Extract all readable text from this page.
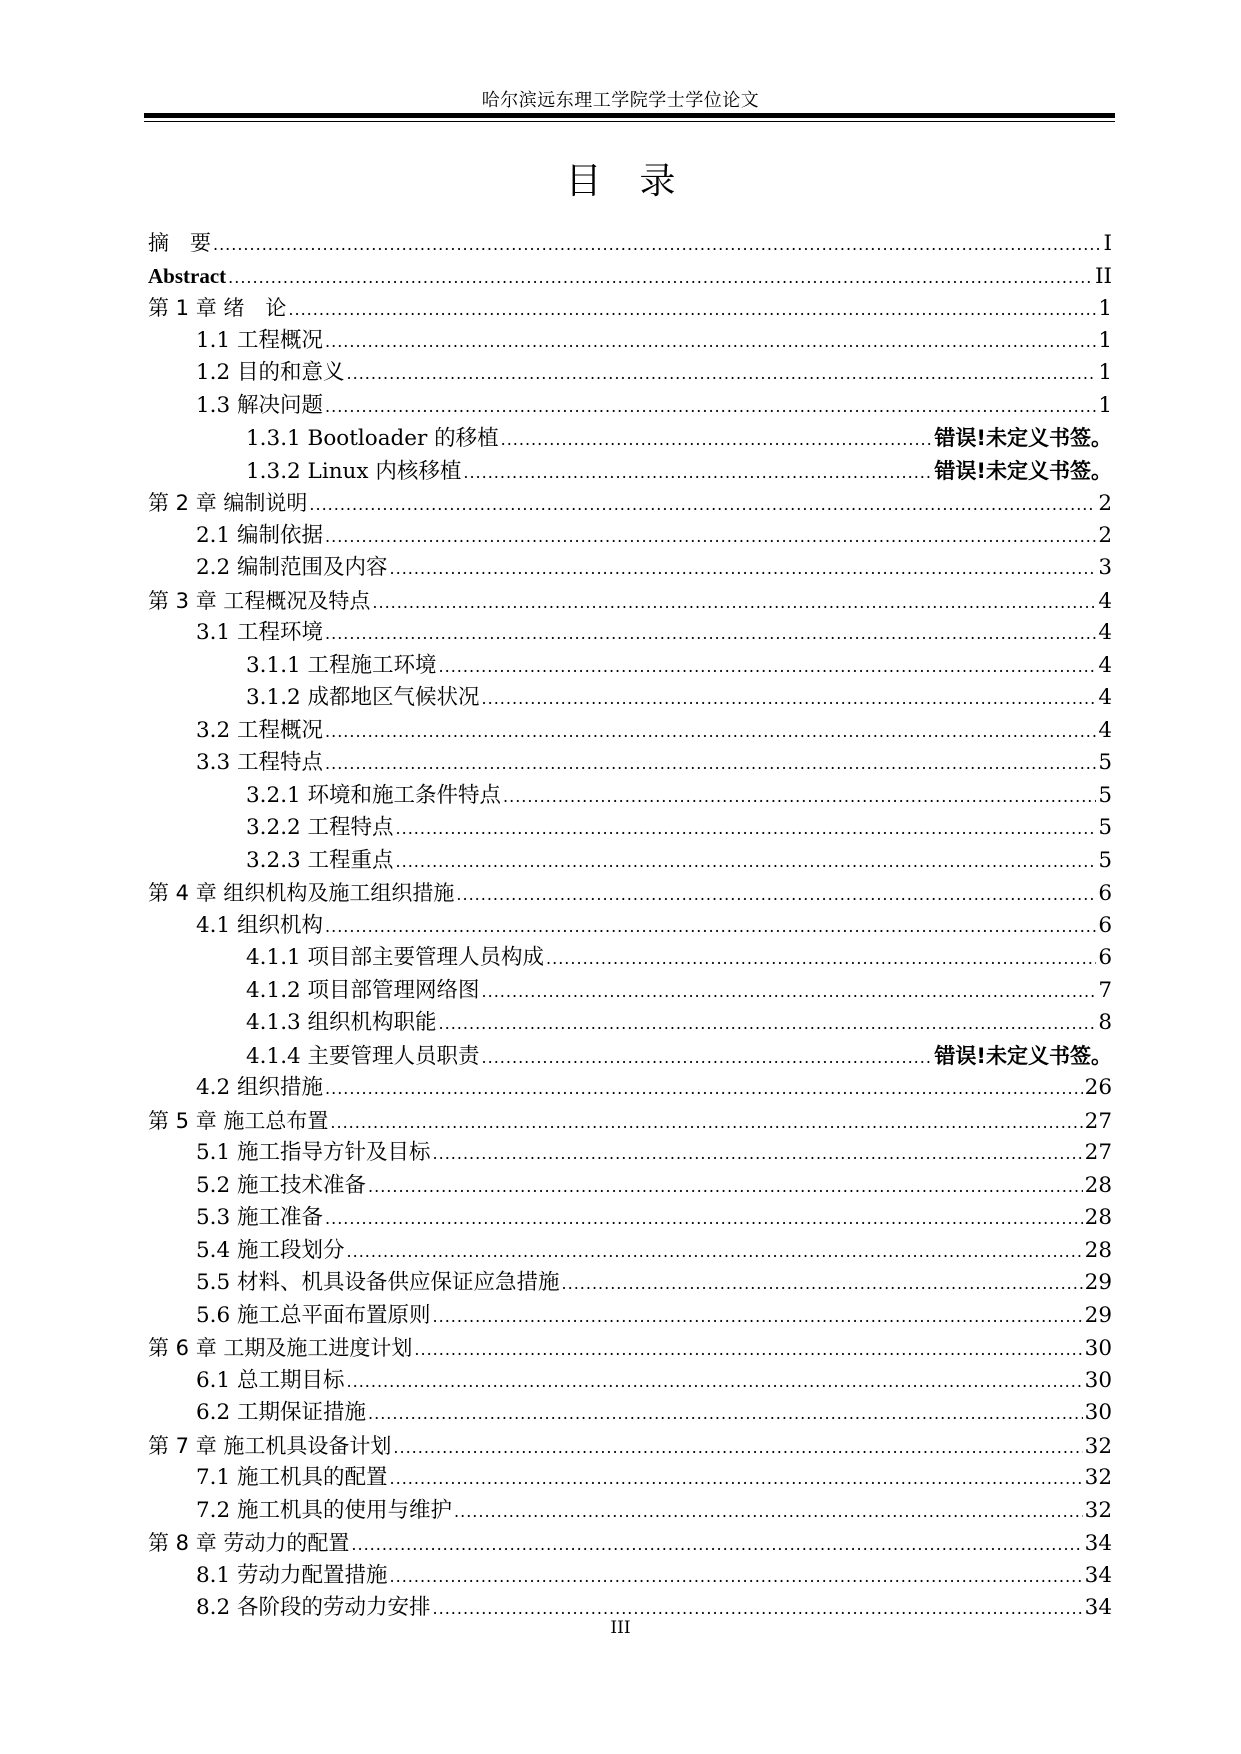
哈尔滨远东理工学院学士学位论文
目录
摘　要 .....	I
Abstract .....	II
第 1 章 绪　论 .....	1
1.1 工程概况 .....	1
1.2 目的和意义 .....	1
1.3 解决问题 .....	1
1.3.1 Bootloader 的移植 .....	错误!未定义书签。
1.3.2 Linux 内核移植 .....	错误!未定义书签。
第 2 章 编制说明 .....	2
2.1 编制依据 .....	2
2.2 编制范围及内容 .....	3
第 3 章 工程概况及特点 .....	4
3.1 工程环境 .....	4
3.1.1 工程施工环境 .....	4
3.1.2 成都地区气候状况 .....	4
3.2 工程概况 .....	4
3.3 工程特点 .....	5
3.2.1 环境和施工条件特点 .....	5
3.2.2 工程特点 .....	5
3.2.3 工程重点 .....	5
第 4 章 组织机构及施工组织措施 .....	6
4.1 组织机构 .....	6
4.1.1 项目部主要管理人员构成 .....	6
4.1.2 项目部管理网络图 .....	7
4.1.3 组织机构职能 .....	8
4.1.4 主要管理人员职责 .....	错误!未定义书签。
4.2 组织措施 .....	26
第 5 章 施工总布置 .....	27
5.1 施工指导方针及目标 .....	27
5.2 施工技术准备 .....	28
5.3 施工准备 .....	28
5.4 施工段划分 .....	28
5.5 材料、机具设备供应保证应急措施 .....	29
5.6 施工总平面布置原则 .....	29
第 6 章 工期及施工进度计划 .....	30
6.1 总工期目标 .....	30
6.2 工期保证措施 .....	30
第 7 章 施工机具设备计划 .....	32
7.1 施工机具的配置 .....	32
7.2 施工机具的使用与维护 .....	32
第 8 章 劳动力的配置 .....	34
8.1 劳动力配置措施 .....	34
8.2 各阶段的劳动力安排 .....	34
III
